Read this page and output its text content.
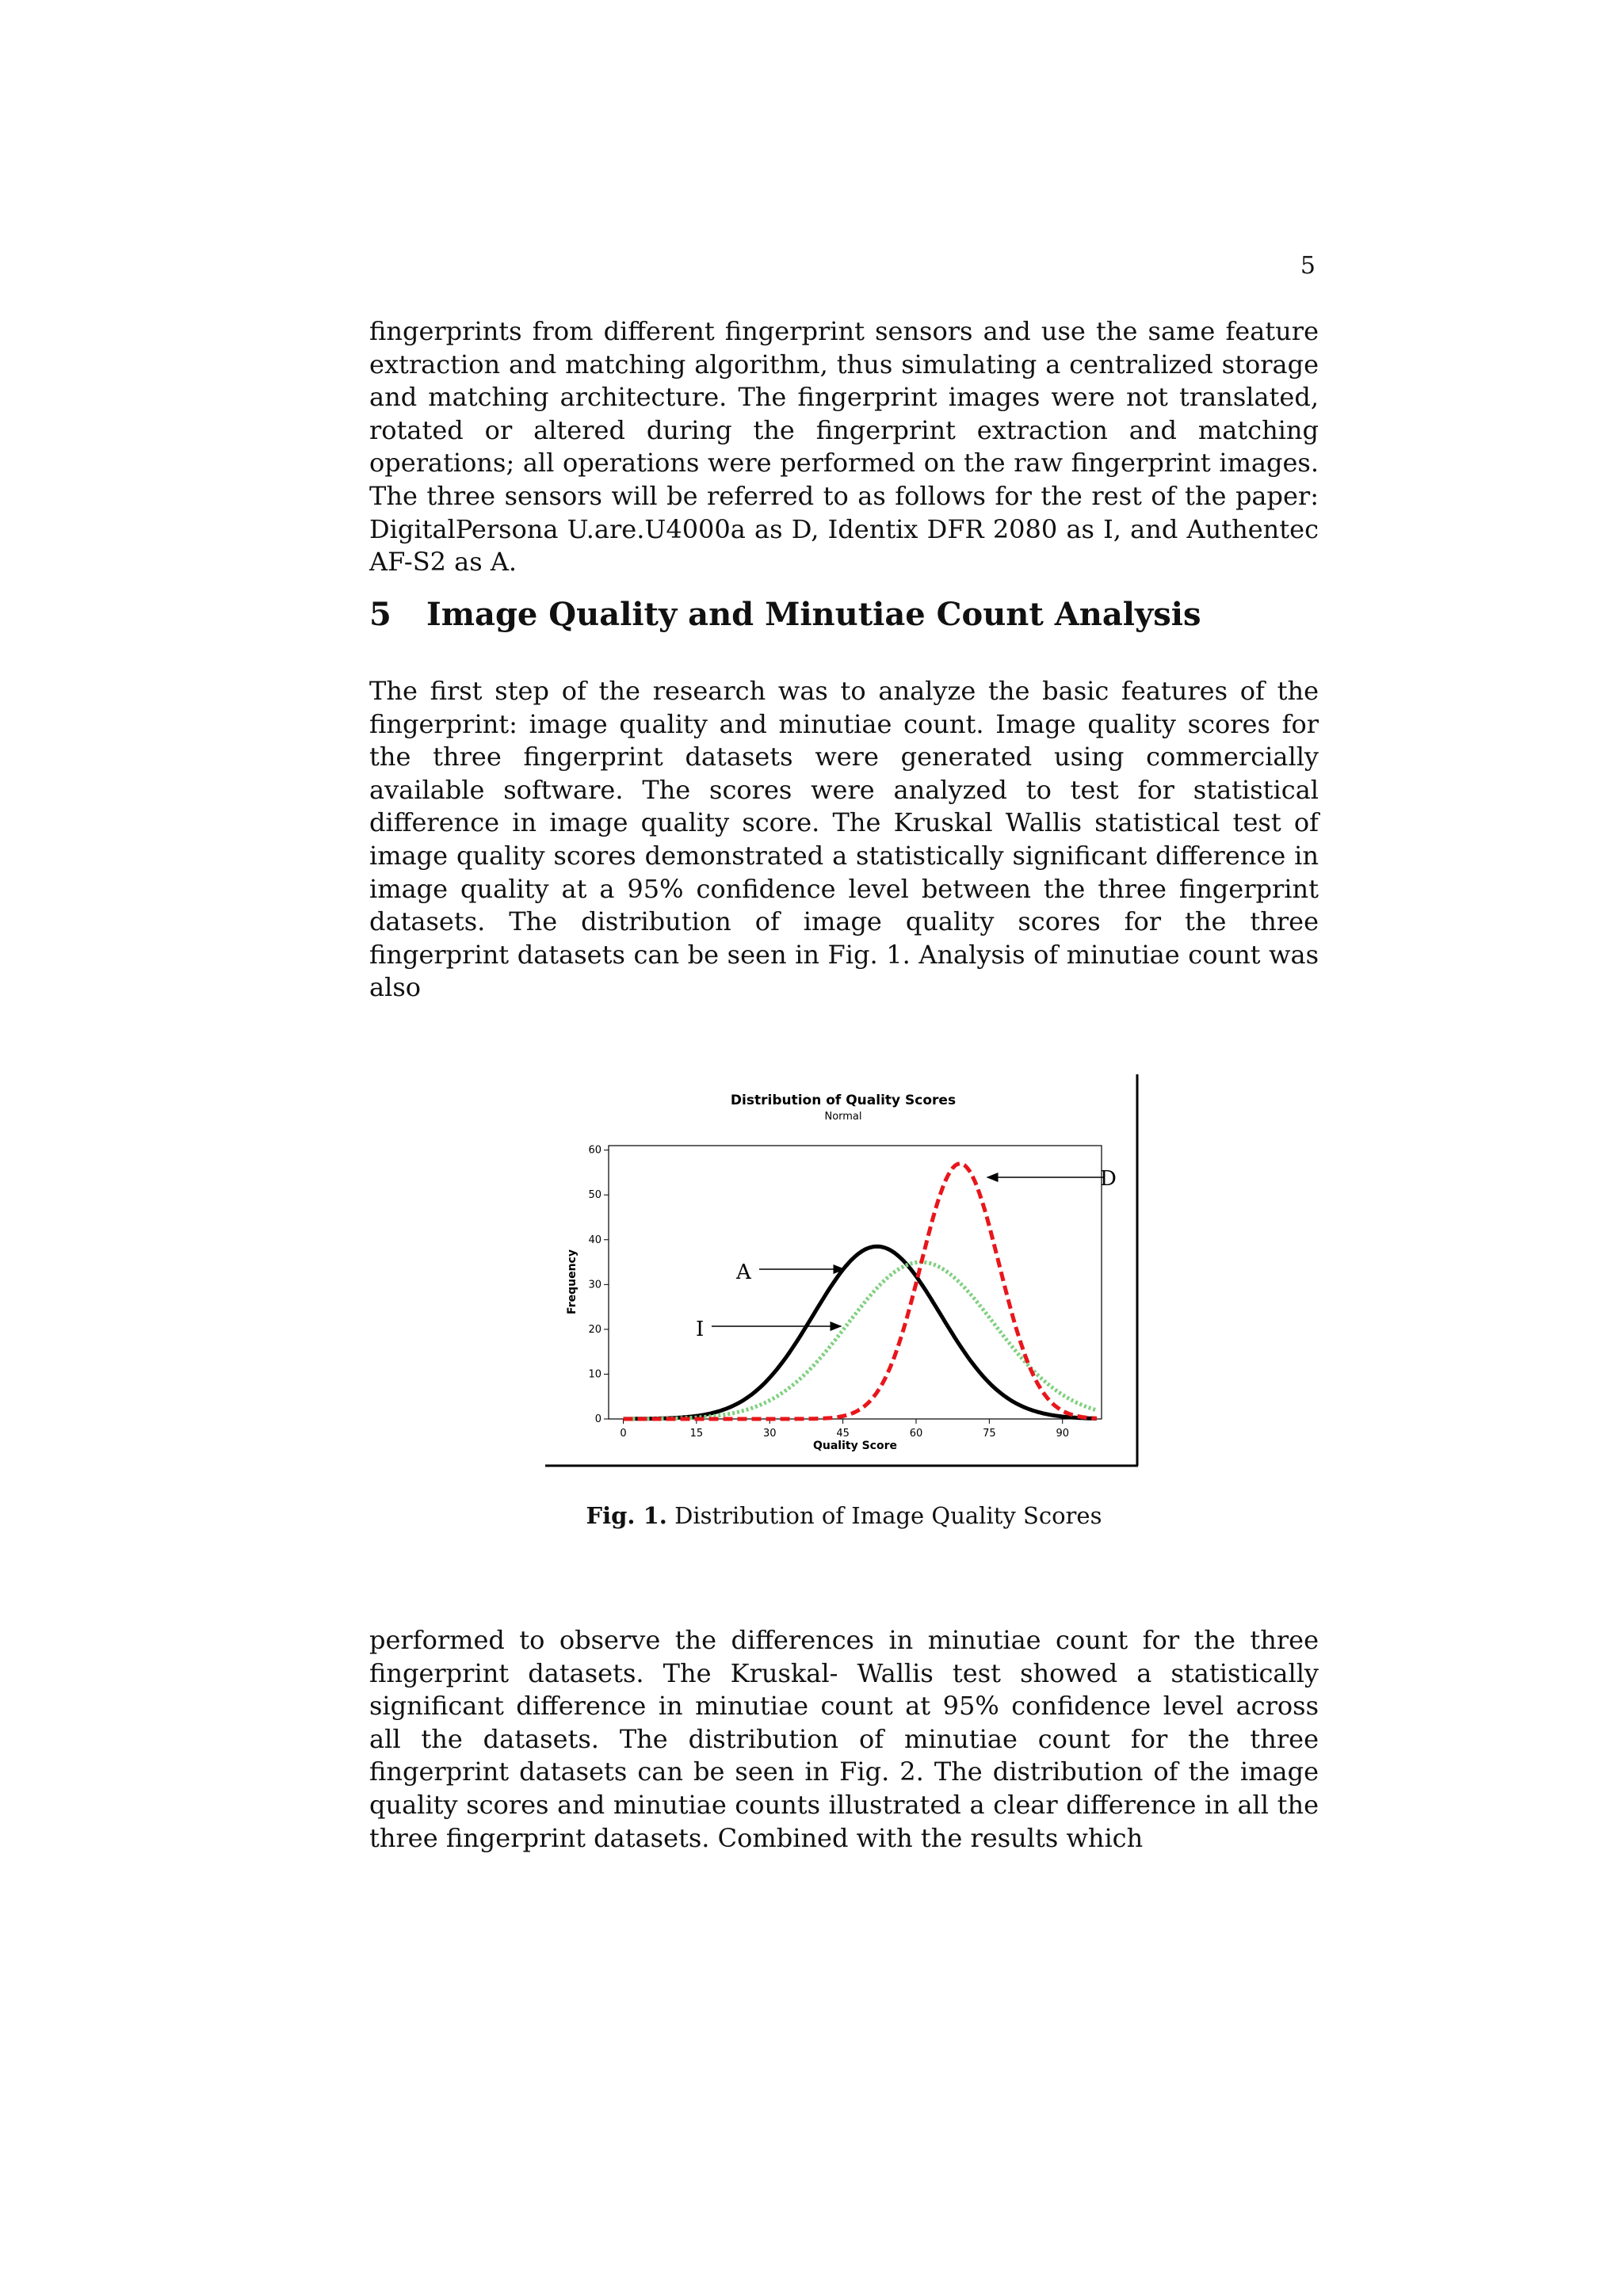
5

fingerprints from different fingerprint sensors and use the same feature extraction and matching algorithm, thus simulating a centralized storage and matching architecture. The fingerprint images were not translated, rotated or altered during the fingerprint extraction and matching operations; all operations were performed on the raw fingerprint images. The three sensors will be referred to as follows for the rest of the paper: DigitalPersona U.are.U4000a as D, Identix DFR 2080 as I, and Authentec AF-S2 as A.

5 Image Quality and Minutiae Count Analysis

The first step of the research was to analyze the basic features of the fingerprint: image quality and minutiae count. Image quality scores for the three fingerprint datasets were generated using commercially available software. The scores were analyzed to test for statistical difference in image quality score. The Kruskal Wallis statistical test of image quality scores demonstrated a statistically significant difference in image quality at a 95% confidence level between the three fingerprint datasets. The distribution of image quality scores for the three fingerprint datasets can be seen in Fig. 1. Analysis of minutiae count was also

Distribution of Quality Scores
Normal
0	15	30	45	60	75	90
0
10
20
30
40
50
60
Quality Score
Frequency
D
A
I
Fig. 1. Distribution of Image Quality Scores

performed to observe the differences in minutiae count for the three fingerprint datasets. The Kruskal- Wallis test showed a statistically significant difference in minutiae count at 95% confidence level across all the datasets. The distribution of minutiae count for the three fingerprint datasets can be seen in Fig. 2. The distribution of the image quality scores and minutiae counts illustrated a clear difference in all the three fingerprint datasets. Combined with the results which
